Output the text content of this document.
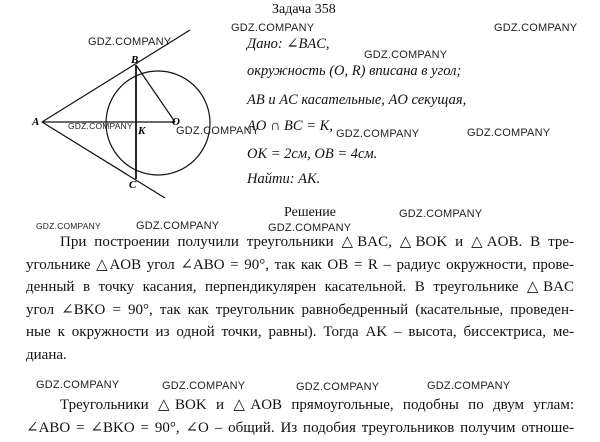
Задача 358
Дано: ∠BAC,
окружность (O, R) вписана в угол;
AB и AC касательные, AO секущая,
AO ∩ BC = K,
OK = 2см, OB = 4см.
Найти: AK.
A
B
C
K
O
GDZ.COMPANY
GDZ.COMPANY	GDZ.COMPANY
GDZ.COMPANY
GDZ.COMPANY	GDZ.COMPANY	GDZ.COMPANY	GDZ.COMPANY
GDZ.COMPANY	GDZ.COMPANY	GDZ.COMPANY
GDZ.COMPANY
GDZ.COMPANY	GDZ.COMPANY	GDZ.COMPANY	GDZ.COMPANY
Решение
При построении получили треугольники △BAC, △BOK и △AOB. В тре-
угольнике △AOB угол ∠ABO = 90°, так как OB = R – радиус окружности, прове-
денный в точку касания, перпендикулярен касательной. В треугольнике △BAC
угол ∠BKO = 90°, так как треугольник равнобедренный (касательные, проведен-
ные к окружности из одной точки, равны). Тогда AK – высота, биссектриса, ме-
диана.
Треугольники △BOK и △AOB прямоугольные, подобны по двум углам:
∠ABO = ∠BKO = 90°, ∠O – общий. Из подобия треугольников получим отноше-
